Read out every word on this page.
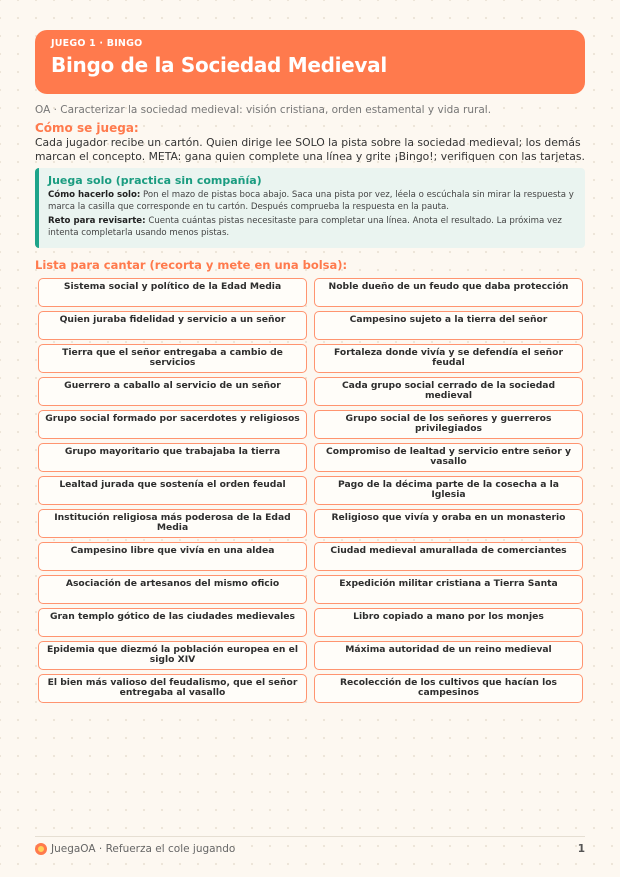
JUEGO 1 · BINGO
Bingo de la Sociedad Medieval
OA · Caracterizar la sociedad medieval: visión cristiana, orden estamental y vida rural.
Cómo se juega:
Cada jugador recibe un cartón. Quien dirige lee SOLO la pista sobre la sociedad medieval; los demás marcan el concepto. META: gana quien complete una línea y grite ¡Bingo!; verifiquen con las tarjetas.
Juega solo (practica sin compañía)

Cómo hacerlo solo: Pon el mazo de pistas boca abajo. Saca una pista por vez, léela o escúchala sin mirar la respuesta y marca la casilla que corresponde en tu cartón. Después comprueba la respuesta en la pauta.

Reto para revisarte: Cuenta cuántas pistas necesitaste para completar una línea. Anota el resultado. La próxima vez intenta completarla usando menos pistas.

Lista para cantar (recorta y mete en una bolsa):
Sistema social y político de la Edad Media	Noble dueño de un feudo que daba protección
Quien juraba fidelidad y servicio a un señor	Campesino sujeto a la tierra del señor
Tierra que el señor entregaba a cambio de servicios
Fortaleza donde vivía y se defendía el señor feudal
Guerrero a caballo al servicio de un señor	Cada grupo social cerrado de la sociedad medieval
Grupo social formado por sacerdotes y religiosos	Grupo social de los señores y guerreros privilegiados
Grupo mayoritario que trabajaba la tierra	Compromiso de lealtad y servicio entre señor y vasallo
Lealtad jurada que sostenía el orden feudal	Pago de la décima parte de la cosecha a la Iglesia
Institución religiosa más poderosa de la Edad Media
Religioso que vivía y oraba en un monasterio
Campesino libre que vivía en una aldea	Ciudad medieval amurallada de comerciantes
Asociación de artesanos del mismo oficio	Expedición militar cristiana a Tierra Santa
Gran templo gótico de las ciudades medievales	Libro copiado a mano por los monjes
Epidemia que diezmó la población europea en el siglo XIV
Máxima autoridad de un reino medieval
El bien más valioso del feudalismo, que el señor entregaba al vasallo
Recolección de los cultivos que hacían los campesinos
JuegaOA · Refuerza el cole jugando	1
